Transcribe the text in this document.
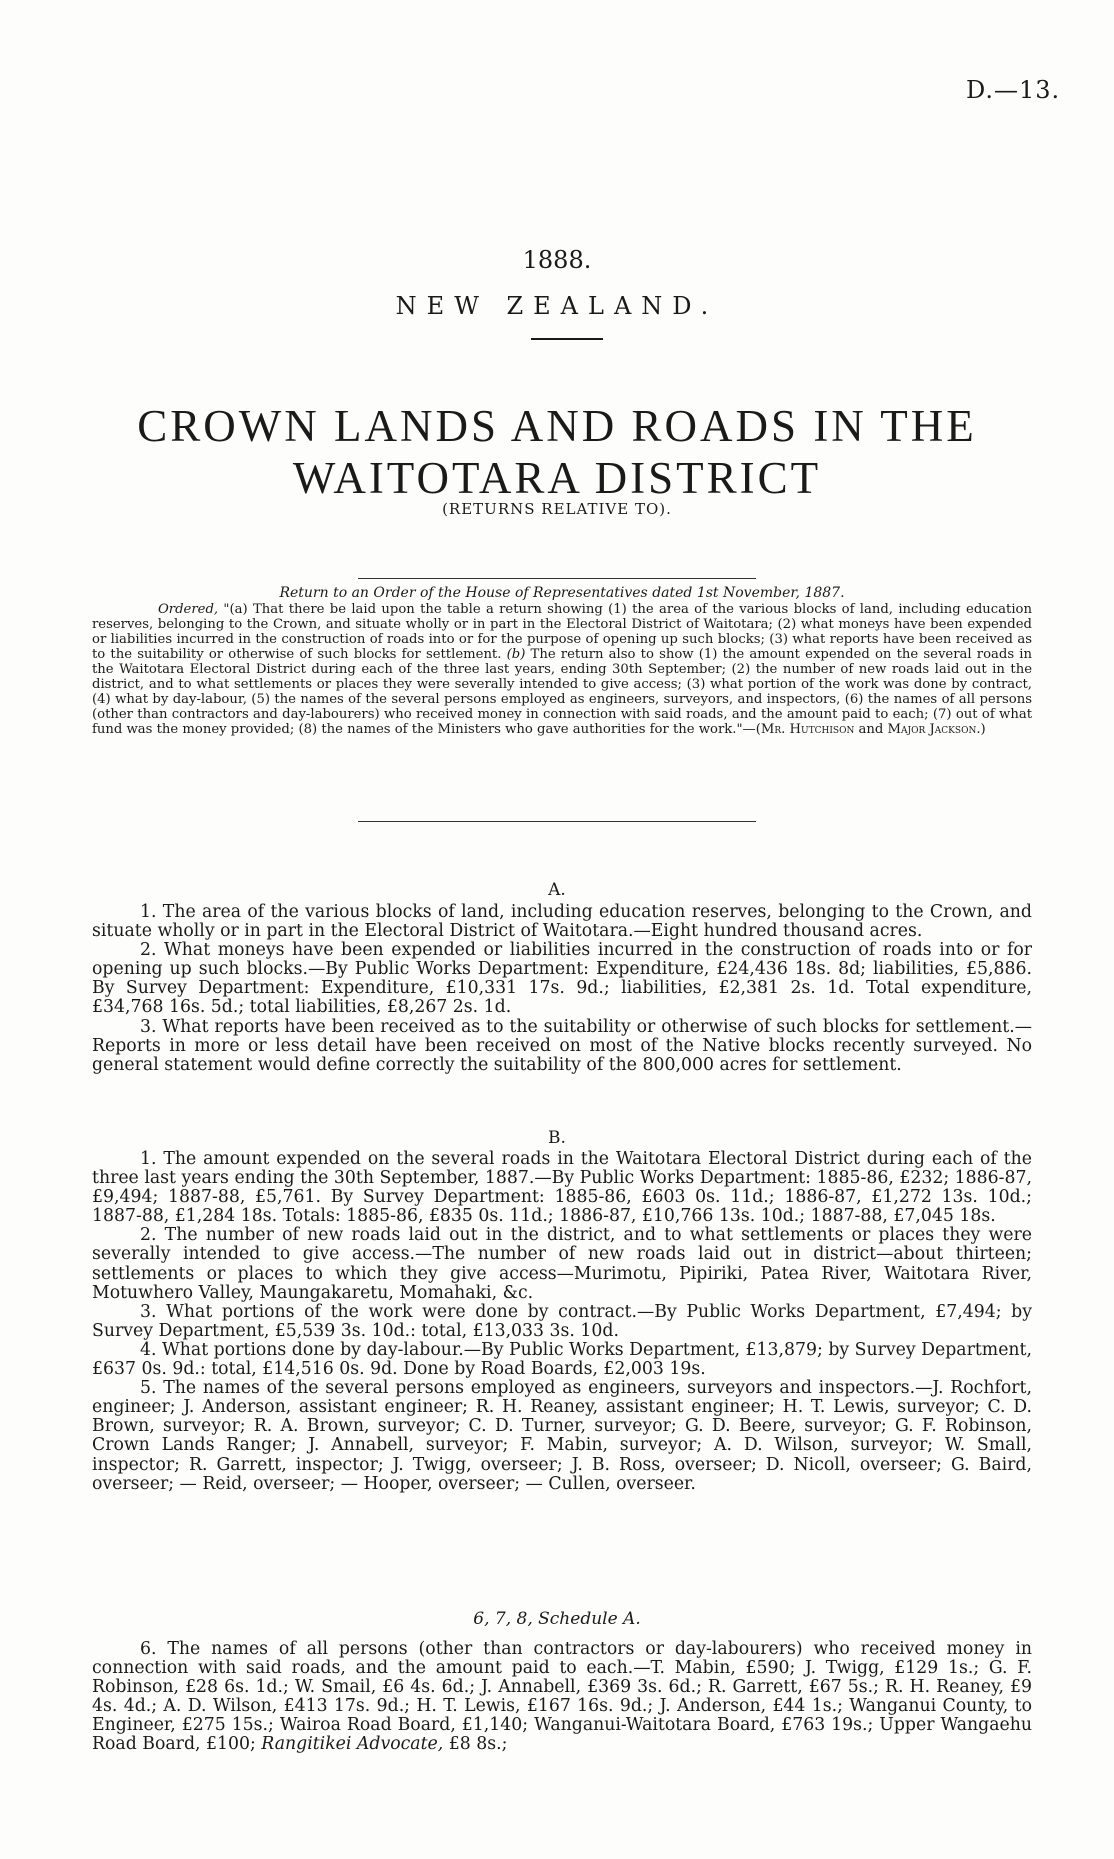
D.—13.
1888.
NEW ZEALAND.
CROWN LANDS AND ROADS IN THE
WAITOTARA DISTRICT
(RETURNS RELATIVE TO).
Return to an Order of the House of Representatives dated 1st November, 1887.

Ordered, "(a) That there be laid upon the table a return showing (1) the area of the various blocks of land, including education reserves, belonging to the Crown, and situate wholly or in part in the Electoral District of Waitotara; (2) what moneys have been expended or liabilities incurred in the construction of roads into or for the purpose of opening up such blocks; (3) what reports have been received as to the suitability or otherwise of such blocks for settlement. (b) The return also to show (1) the amount expended on the several roads in the Waitotara Electoral District during each of the three last years, ending 30th September; (2) the number of new roads laid out in the district, and to what settlements or places they were severally intended to give access; (3) what portion of the work was done by contract, (4) what by day-labour, (5) the names of the several persons employed as engineers, surveyors, and inspectors, (6) the names of all persons (other than contractors and day-labourers) who received money in connection with said roads, and the amount paid to each; (7) out of what fund was the money provided; (8) the names of the Ministers who gave authorities for the work."—(Mr. Hutchison and Major Jackson.)

A.

1. The area of the various blocks of land, including education reserves, belonging to the Crown, and situate wholly or in part in the Electoral District of Waitotara.—Eight hundred thousand acres.

2. What moneys have been expended or liabilities incurred in the construction of roads into or for opening up such blocks.—By Public Works Department: Expenditure, £24,436 18s. 8d; liabilities, £5,886. By Survey Department: Expenditure, £10,331 17s. 9d.; liabilities, £2,381 2s. 1d. Total expenditure, £34,768 16s. 5d.; total liabilities, £8,267 2s. 1d.

3. What reports have been received as to the suitability or otherwise of such blocks for settlement.—Reports in more or less detail have been received on most of the Native blocks recently surveyed. No general statement would define correctly the suitability of the 800,000 acres for settlement.

B.

1. The amount expended on the several roads in the Waitotara Electoral District during each of the three last years ending the 30th September, 1887.—By Public Works Department: 1885-86, £232; 1886-87, £9,494; 1887-88, £5,761. By Survey Department: 1885-86, £603 0s. 11d.; 1886-87, £1,272 13s. 10d.; 1887-88, £1,284 18s. Totals: 1885-86, £835 0s. 11d.; 1886-87, £10,766 13s. 10d.; 1887-88, £7,045 18s.

2. The number of new roads laid out in the district, and to what settlements or places they were severally intended to give access.—The number of new roads laid out in district—about thirteen; settlements or places to which they give access—Murimotu, Pipiriki, Patea River, Waitotara River, Motuwhero Valley, Maungakaretu, Momahaki, &c.

3. What portions of the work were done by contract.—By Public Works Department, £7,494; by Survey Department, £5,539 3s. 10d.: total, £13,033 3s. 10d.

4. What portions done by day-labour.—By Public Works Department, £13,879; by Survey Department, £637 0s. 9d.: total, £14,516 0s. 9d. Done by Road Boards, £2,003 19s.

5. The names of the several persons employed as engineers, surveyors and inspectors.—J. Rochfort, engineer; J. Anderson, assistant engineer; R. H. Reaney, assistant engineer; H. T. Lewis, surveyor; C. D. Brown, surveyor; R. A. Brown, surveyor; C. D. Turner, surveyor; G. D. Beere, surveyor; G. F. Robinson, Crown Lands Ranger; J. Annabell, surveyor; F. Mabin, surveyor; A. D. Wilson, surveyor; W. Small, inspector; R. Garrett, inspector; J. Twigg, overseer; J. B. Ross, overseer; D. Nicoll, overseer; G. Baird, overseer; — Reid, overseer; — Hooper, overseer; — Cullen, overseer.

6, 7, 8, Schedule A.

6. The names of all persons (other than contractors or day-labourers) who received money in connection with said roads, and the amount paid to each.—T. Mabin, £590; J. Twigg, £129 1s.; G. F. Robinson, £28 6s. 1d.; W. Smail, £6 4s. 6d.; J. Annabell, £369 3s. 6d.; R. Garrett, £67 5s.; R. H. Reaney, £9 4s. 4d.; A. D. Wilson, £413 17s. 9d.; H. T. Lewis, £167 16s. 9d.; J. Anderson, £44 1s.; Wanganui County, to Engineer, £275 15s.; Wairoa Road Board, £1,140; Wanganui-Waitotara Board, £763 19s.; Upper Wangaehu Road Board, £100; Rangitikei Advocate, £8 8s.;
